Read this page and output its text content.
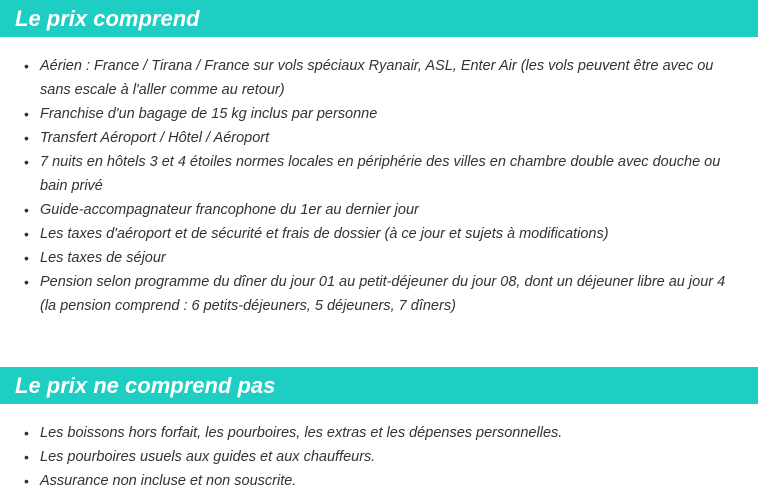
Le prix comprend
• Aérien : France / Tirana / France sur vols spéciaux Ryanair, ASL, Enter Air (les vols peuvent être avec ou sans escale à l'aller comme au retour)
• Franchise d'un bagage de 15 kg inclus par personne
• Transfert Aéroport / Hôtel / Aéroport
• 7 nuits en hôtels 3 et 4 étoiles normes locales en périphérie des villes en chambre double avec douche ou bain privé
• Guide-accompagnateur francophone du 1er au dernier jour
• Les taxes d'aéroport et de sécurité et frais de dossier (à ce jour et sujets à modifications)
• Les taxes de séjour
• Pension selon programme du dîner du jour 01 au petit-déjeuner du jour 08, dont un déjeuner libre au jour 4 (la pension comprend : 6 petits-déjeuners, 5 déjeuners, 7 dîners)
Le prix ne comprend pas
• Les boissons hors forfait, les pourboires, les extras et les dépenses personnelles.
• Les pourboires usuels aux guides et aux chauffeurs.
• Assurance non incluse et non souscrite.
